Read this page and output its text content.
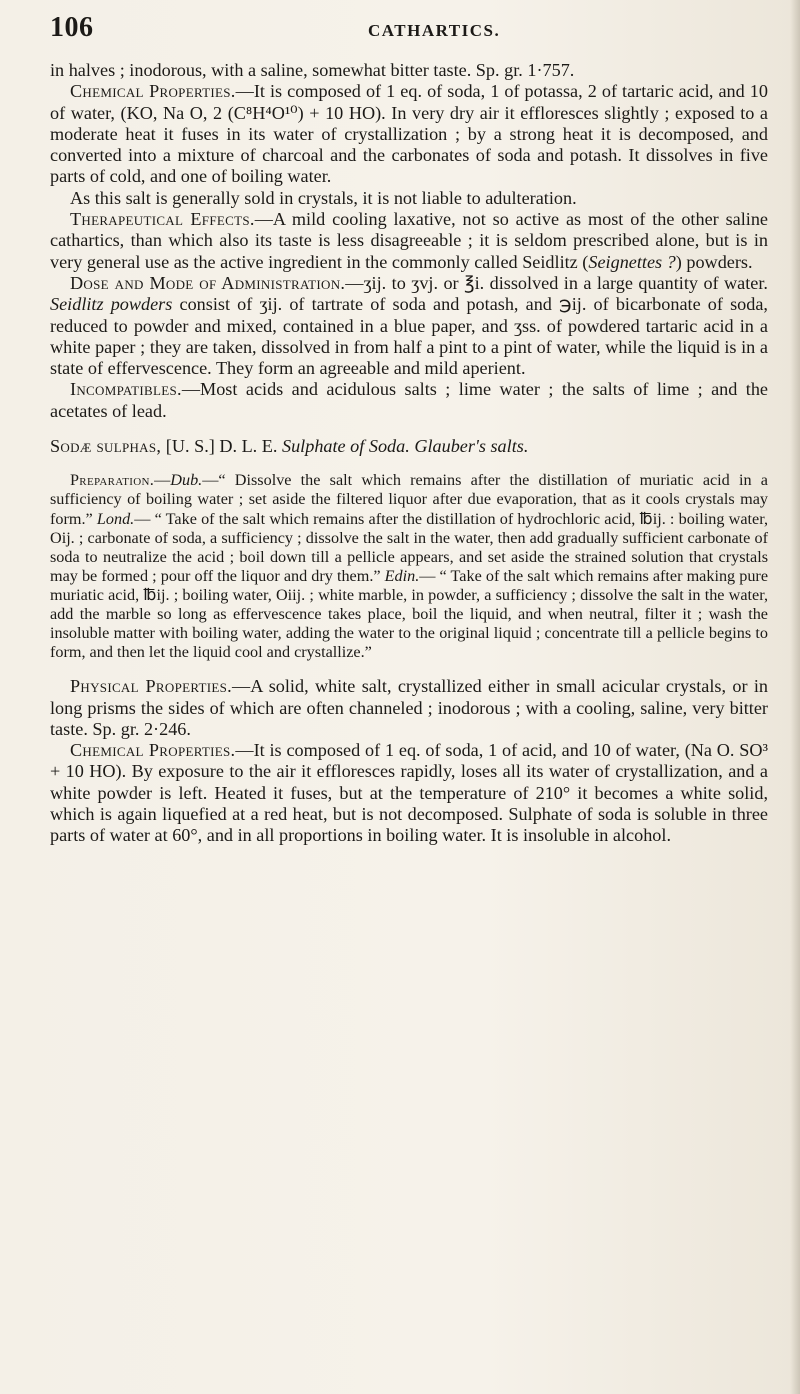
106	CATHARTICS.

in halves ; inodorous, with a saline, somewhat bitter taste. Sp. gr. 1·757.

Chemical Properties.—It is composed of 1 eq. of soda, 1 of potassa, 2 of tartaric acid, and 10 of water, (KO, Na O, 2 (C⁸H⁴O¹⁰) + 10 HO). In very dry air it effloresces slightly ; exposed to a moderate heat it fuses in its water of crystallization ; by a strong heat it is decomposed, and converted into a mixture of charcoal and the carbonates of soda and potash. It dissolves in five parts of cold, and one of boiling water.

As this salt is generally sold in crystals, it is not liable to adulteration.

Therapeutical Effects.—A mild cooling laxative, not so active as most of the other saline cathartics, than which also its taste is less disagreeable ; it is seldom prescribed alone, but is in very general use as the active ingredient in the commonly called Seidlitz (Seignettes ?) powders.

Dose and Mode of Administration.—ʒij. to ʒvj. or ℥i. dissolved in a large quantity of water. Seidlitz powders consist of ʒij. of tartrate of soda and potash, and ℈ij. of bicarbonate of soda, reduced to powder and mixed, contained in a blue paper, and ʒss. of powdered tartaric acid in a white paper ; they are taken, dissolved in from half a pint to a pint of water, while the liquid is in a state of effervescence. They form an agreeable and mild aperient.

Incompatibles.—Most acids and acidulous salts ; lime water ; the salts of lime ; and the acetates of lead.

Sodæ sulphas, [U. S.] D. L. E. Sulphate of Soda. Glauber's salts.

Preparation.—Dub.—“ Dissolve the salt which remains after the distillation of muriatic acid in a sufficiency of boiling water ; set aside the filtered liquor after due evaporation, that as it cools crystals may form.” Lond.— “ Take of the salt which remains after the distillation of hydrochloric acid, ℔ij. : boiling water, Oij. ; carbonate of soda, a sufficiency ; dissolve the salt in the water, then add gradually sufficient carbonate of soda to neutralize the acid ; boil down till a pellicle appears, and set aside the strained solution that crystals may be formed ; pour off the liquor and dry them.” Edin.— “ Take of the salt which remains after making pure muriatic acid, ℔ij. ; boiling water, Oiij. ; white marble, in powder, a sufficiency ; dissolve the salt in the water, add the marble so long as effervescence takes place, boil the liquid, and when neutral, filter it ; wash the insoluble matter with boiling water, adding the water to the original liquid ; concentrate till a pellicle begins to form, and then let the liquid cool and crystallize.”

Physical Properties.—A solid, white salt, crystallized either in small acicular crystals, or in long prisms the sides of which are often channeled ; inodorous ; with a cooling, saline, very bitter taste. Sp. gr. 2·246.

Chemical Properties.—It is composed of 1 eq. of soda, 1 of acid, and 10 of water, (Na O. SO³ + 10 HO). By exposure to the air it effloresces rapidly, loses all its water of crystallization, and a white powder is left. Heated it fuses, but at the temperature of 210° it becomes a white solid, which is again liquefied at a red heat, but is not decomposed. Sulphate of soda is soluble in three parts of water at 60°, and in all proportions in boiling water. It is insoluble in alcohol.
